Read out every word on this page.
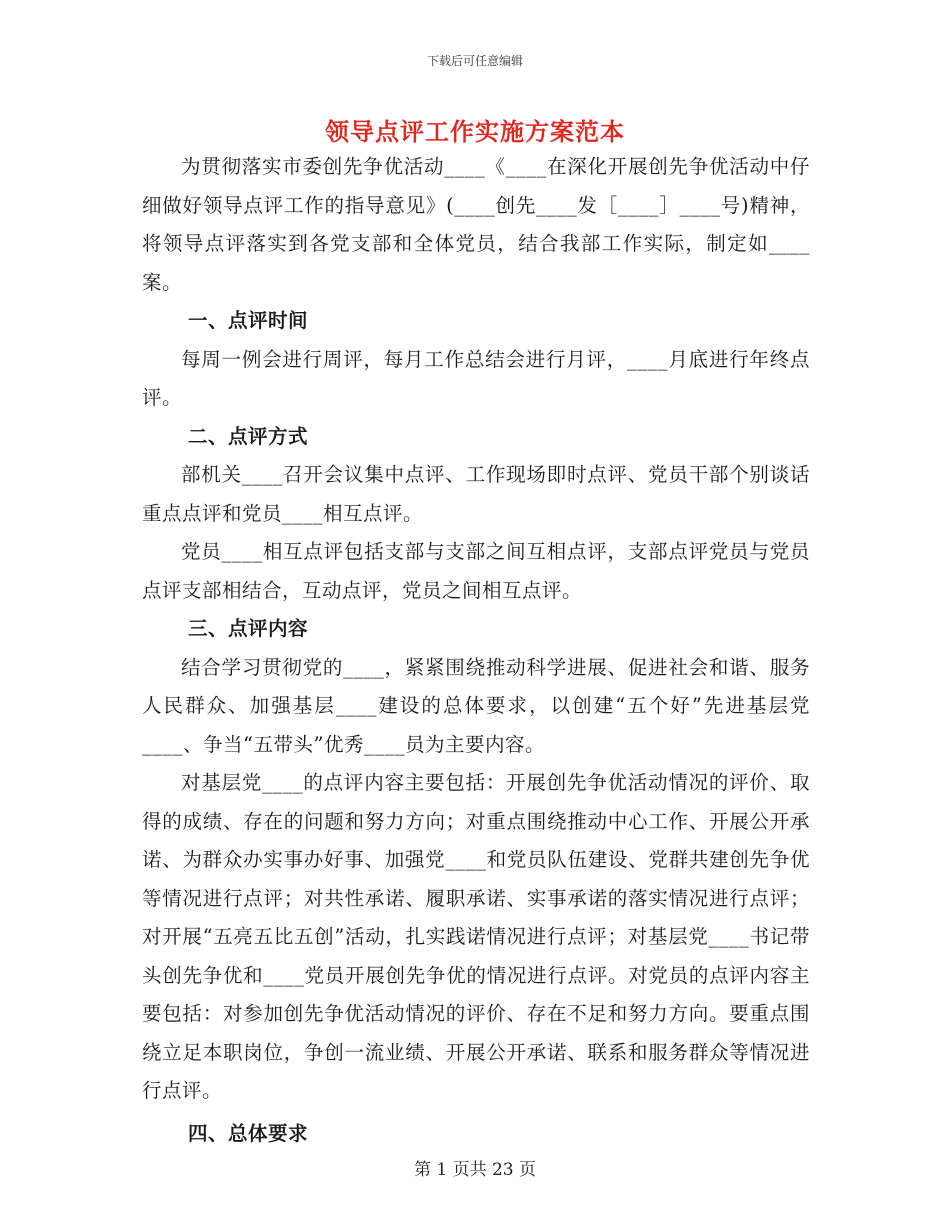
下载后可任意编辑
领导点评工作实施方案范本

为贯彻落实市委创先争优活动____《____在深化开展创先争优活动中仔细做好领导点评工作的指导意见》(____创先____发［____］____号)精神，将领导点评落实到各党支部和全体党员，结合我部工作实际，制定如____案。

一、点评时间

每周一例会进行周评，每月工作总结会进行月评，____月底进行年终点评。

二、点评方式

部机关____召开会议集中点评、工作现场即时点评、党员干部个别谈话重点点评和党员____相互点评。

党员____相互点评包括支部与支部之间互相点评，支部点评党员与党员点评支部相结合，互动点评，党员之间相互点评。

三、点评内容

结合学习贯彻党的____，紧紧围绕推动科学进展、促进社会和谐、服务人民群众、加强基层____建设的总体要求，以创建“五个好”先进基层党____、争当“五带头”优秀____员为主要内容。

对基层党____的点评内容主要包括：开展创先争优活动情况的评价、取得的成绩、存在的问题和努力方向；对重点围绕推动中心工作、开展公开承诺、为群众办实事办好事、加强党____和党员队伍建设、党群共建创先争优等情况进行点评；对共性承诺、履职承诺、实事承诺的落实情况进行点评；对开展“五亮五比五创”活动，扎实践诺情况进行点评；对基层党____书记带头创先争优和____党员开展创先争优的情况进行点评。对党员的点评内容主要包括：对参加创先争优活动情况的评价、存在不足和努力方向。要重点围绕立足本职岗位，争创一流业绩、开展公开承诺、联系和服务群众等情况进行点评。

四、总体要求

第 1 页共 23 页
